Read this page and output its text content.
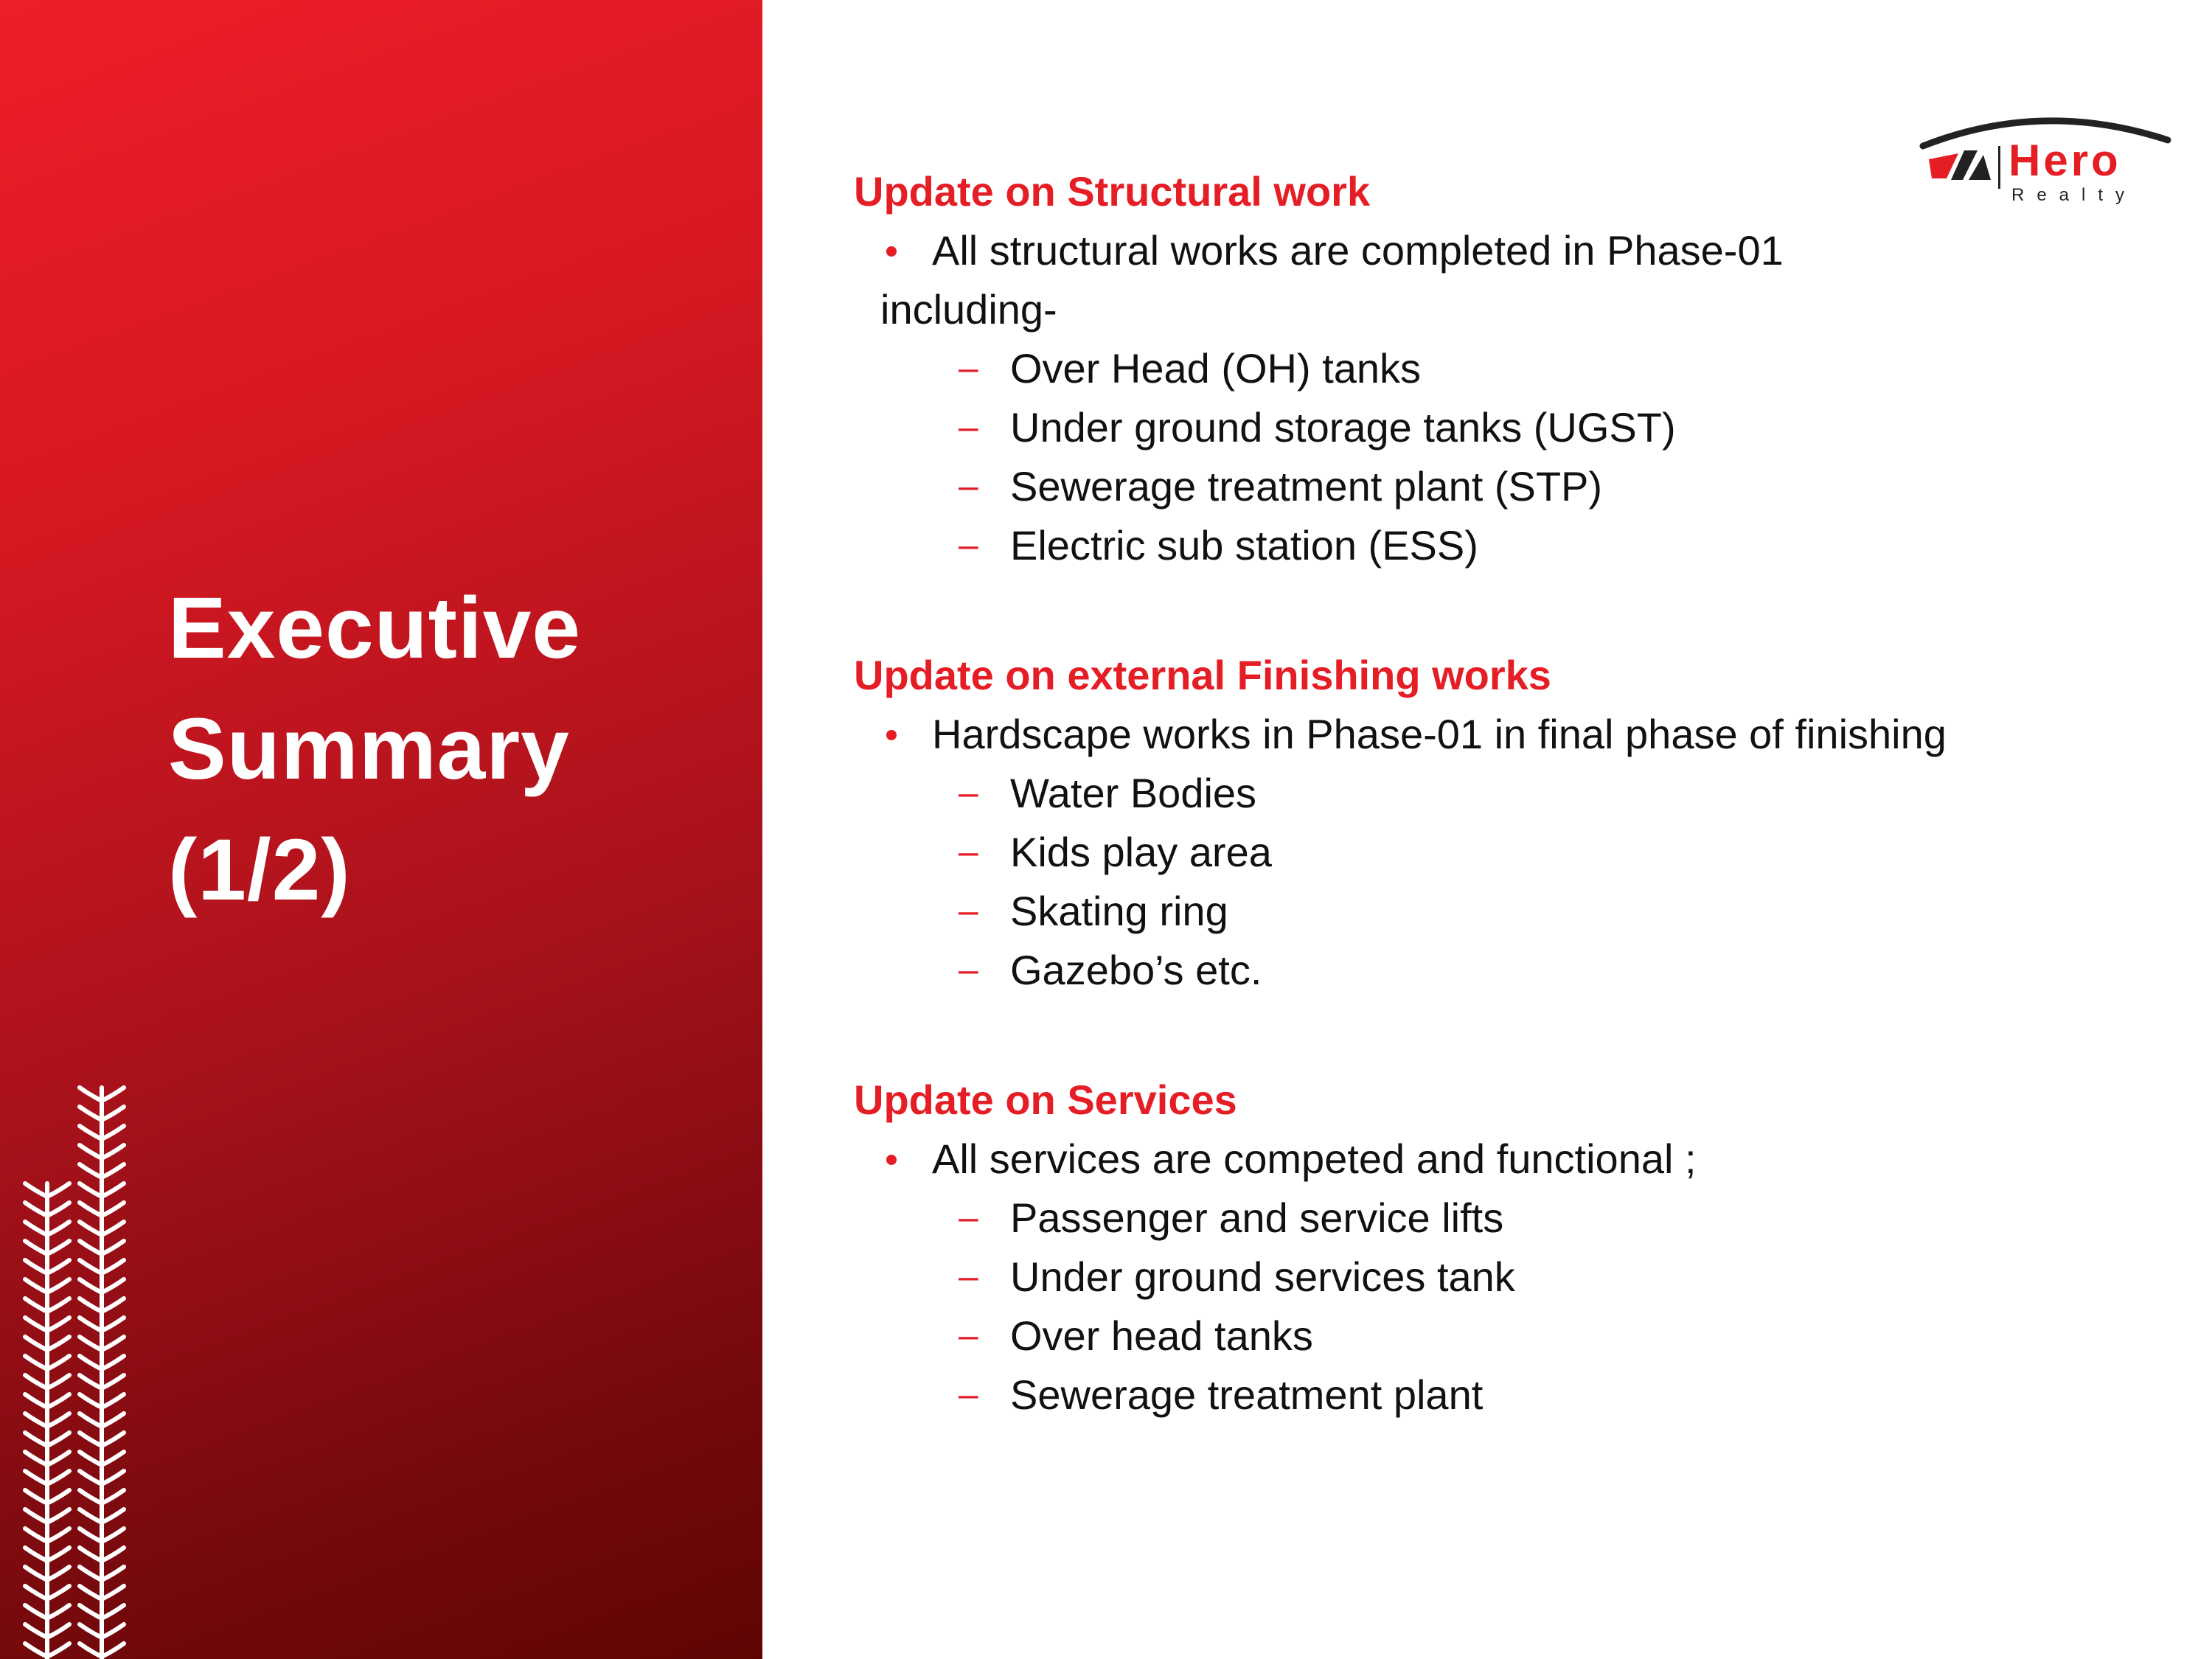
Executive
Summary
(1/2)
Hero
Realty

Update on Structural work

All structural works are completed in Phase-01

including-

– Over Head (OH) tanks
– Under ground storage tanks (UGST)
– Sewerage treatment plant (STP)
– Electric sub station (ESS)

Update on external Finishing works

Hardscape works in Phase-01 in final phase of finishing

– Water Bodies
– Kids play area
– Skating ring
– Gazebo’s etc.

Update on Services

All services are competed and functional ;

– Passenger and service lifts
– Under ground services tank
– Over head tanks
– Sewerage treatment plant
